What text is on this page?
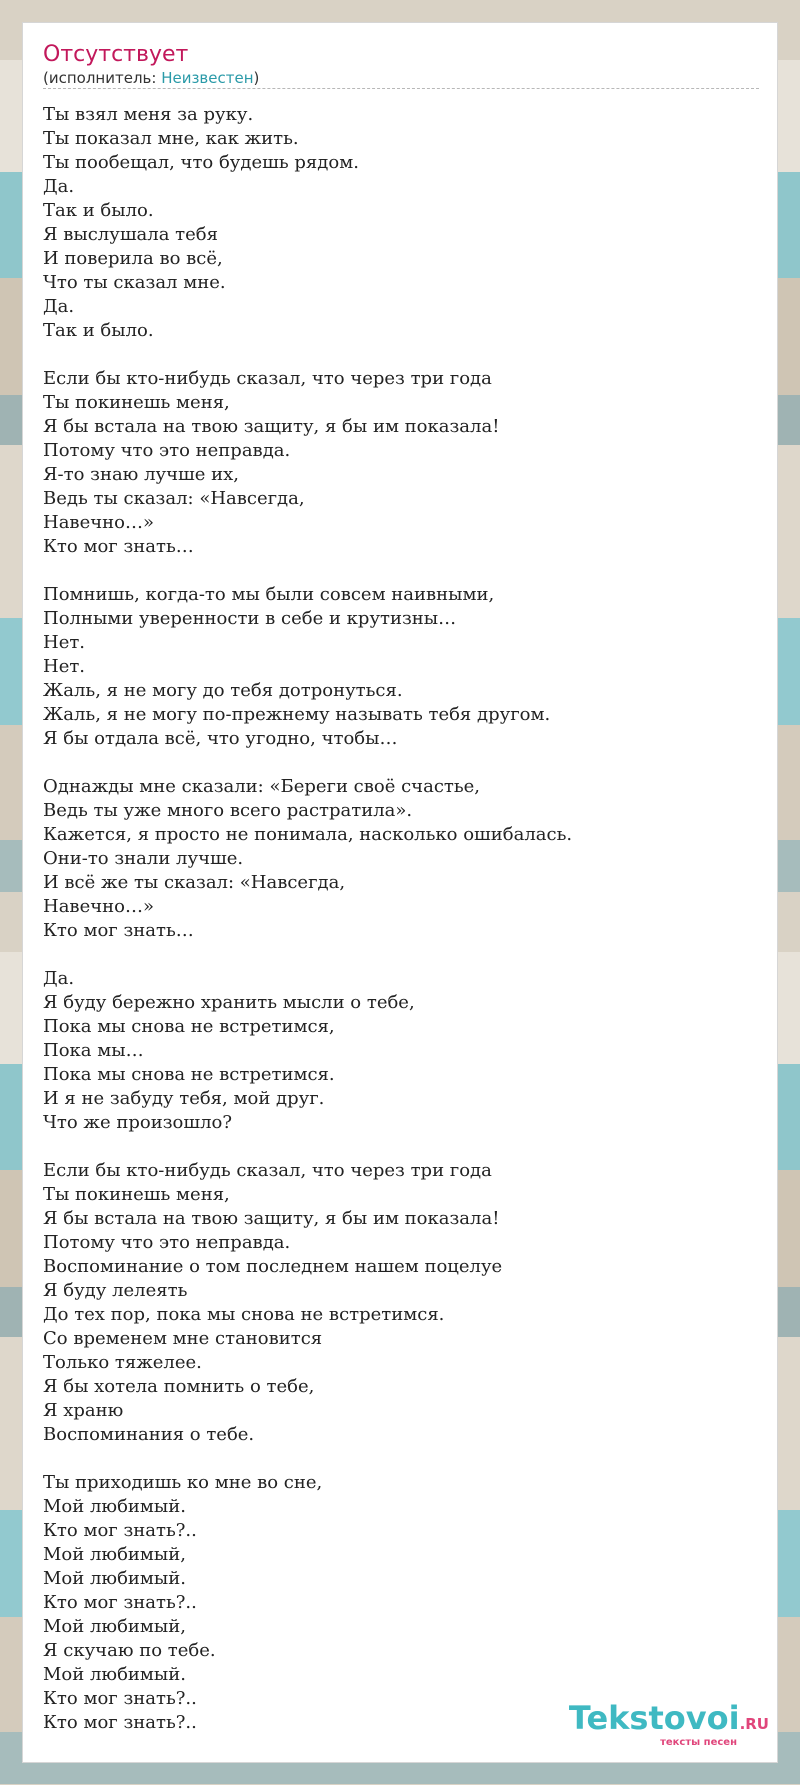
Отсутствует
(исполнитель: Неизвестен)
Ты взял меня за руку.
Ты показал мне, как жить.
Ты пообещал, что будешь рядом.
Да.
Так и было.
Я выслушала тебя
И поверила во всё,
Что ты сказал мне.
Да.
Так и было.
Если бы кто-нибудь сказал, что через три года
Ты покинешь меня,
Я бы встала на твою защиту, я бы им показала!
Потому что это неправда.
Я-то знаю лучше их,
Ведь ты сказал: «Навсегда,
Навечно…»
Кто мог знать…
Помнишь, когда-то мы были совсем наивными,
Полными уверенности в себе и крутизны…
Нет.
Нет.
Жаль, я не могу до тебя дотронуться.
Жаль, я не могу по-прежнему называть тебя другом.
Я бы отдала всё, что угодно, чтобы…
Однажды мне сказали: «Береги своё счастье,
Ведь ты уже много всего растратила».
Кажется, я просто не понимала, насколько ошибалась.
Они-то знали лучше.
И всё же ты сказал: «Навсегда,
Навечно…»
Кто мог знать…
Да.
Я буду бережно хранить мысли о тебе,
Пока мы снова не встретимся,
Пока мы…
Пока мы снова не встретимся.
И я не забуду тебя, мой друг.
Что же произошло?
Если бы кто-нибудь сказал, что через три года
Ты покинешь меня,
Я бы встала на твою защиту, я бы им показала!
Потому что это неправда.
Воспоминание о том последнем нашем поцелуе
Я буду лелеять
До тех пор, пока мы снова не встретимся.
Со временем мне становится
Только тяжелее.
Я бы хотела помнить о тебе,
Я храню
Воспоминания о тебе.
Ты приходишь ко мне во сне,
Мой любимый.
Кто мог знать?..
Мой любимый,
Мой любимый.
Кто мог знать?..
Мой любимый,
Я скучаю по тебе.
Мой любимый.
Кто мог знать?..
Кто мог знать?..	Tekstovoi.RU
тексты песен
